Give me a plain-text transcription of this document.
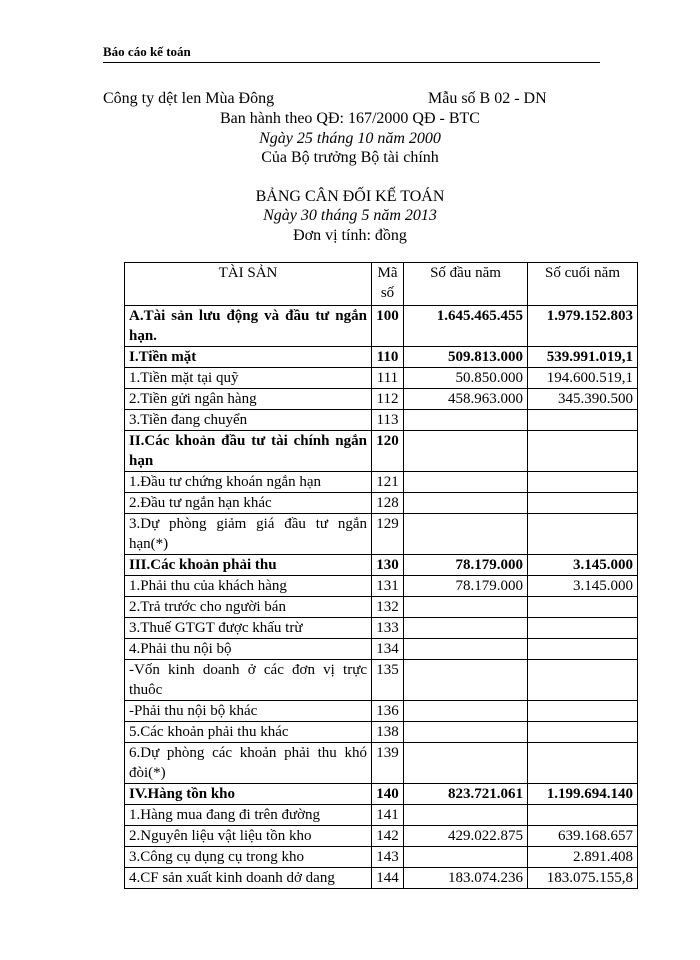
Báo cáo kế toán
Công ty dệt len Mùa Đông	Mẫu số B 02 - DN
Ban hành theo QĐ: 167/2000 QĐ - BTC
Ngày 25 tháng 10 năm 2000
Của Bộ trưởng Bộ tài chính
BẢNG CÂN ĐỐI KẾ TOÁN
Ngày 30 tháng 5 năm 2013
Đơn vị tính: đồng
TÀI SẢN	Mã số	Số đầu năm	Số cuối năm
A.Tài sản lưu động và đầu tư ngắn hạn.	100	1.645.465.455	1.979.152.803
I.Tiền mặt	110	509.813.000	539.991.019,1
1.Tiền mặt tại quỹ	111	50.850.000	194.600.519,1
2.Tiền gửi ngân hàng	112	458.963.000	345.390.500
3.Tiền đang chuyển	113		
II.Các khoản đầu tư tài chính ngắn hạn	120		
1.Đầu tư chứng khoán ngắn hạn	121		
2.Đầu tư ngắn hạn khác	128		
3.Dự phòng giảm giá đầu tư ngắn hạn(*)	129		
III.Các khoản phải thu	130	78.179.000	3.145.000
1.Phải thu của khách hàng	131	78.179.000	3.145.000
2.Trả trước cho người bán	132		
3.Thuế GTGT được khấu trừ	133		
4.Phải thu nội bộ	134		
-Vốn kinh doanh ở các đơn vị trực thuôc	135		
-Phải thu nội bộ khác	136		
5.Các khoản phải thu khác	138		
6.Dự phòng các khoản phải thu khó đòi(*)	139		
IV.Hàng tồn kho	140	823.721.061	1.199.694.140
1.Hàng mua đang đi trên đường	141		
2.Nguyên liệu vật liệu tồn kho	142	429.022.875	639.168.657
3.Công cụ dụng cụ trong kho	143		2.891.408
4.CF sản xuất kinh doanh dở dang	144	183.074.236	183.075.155,8
